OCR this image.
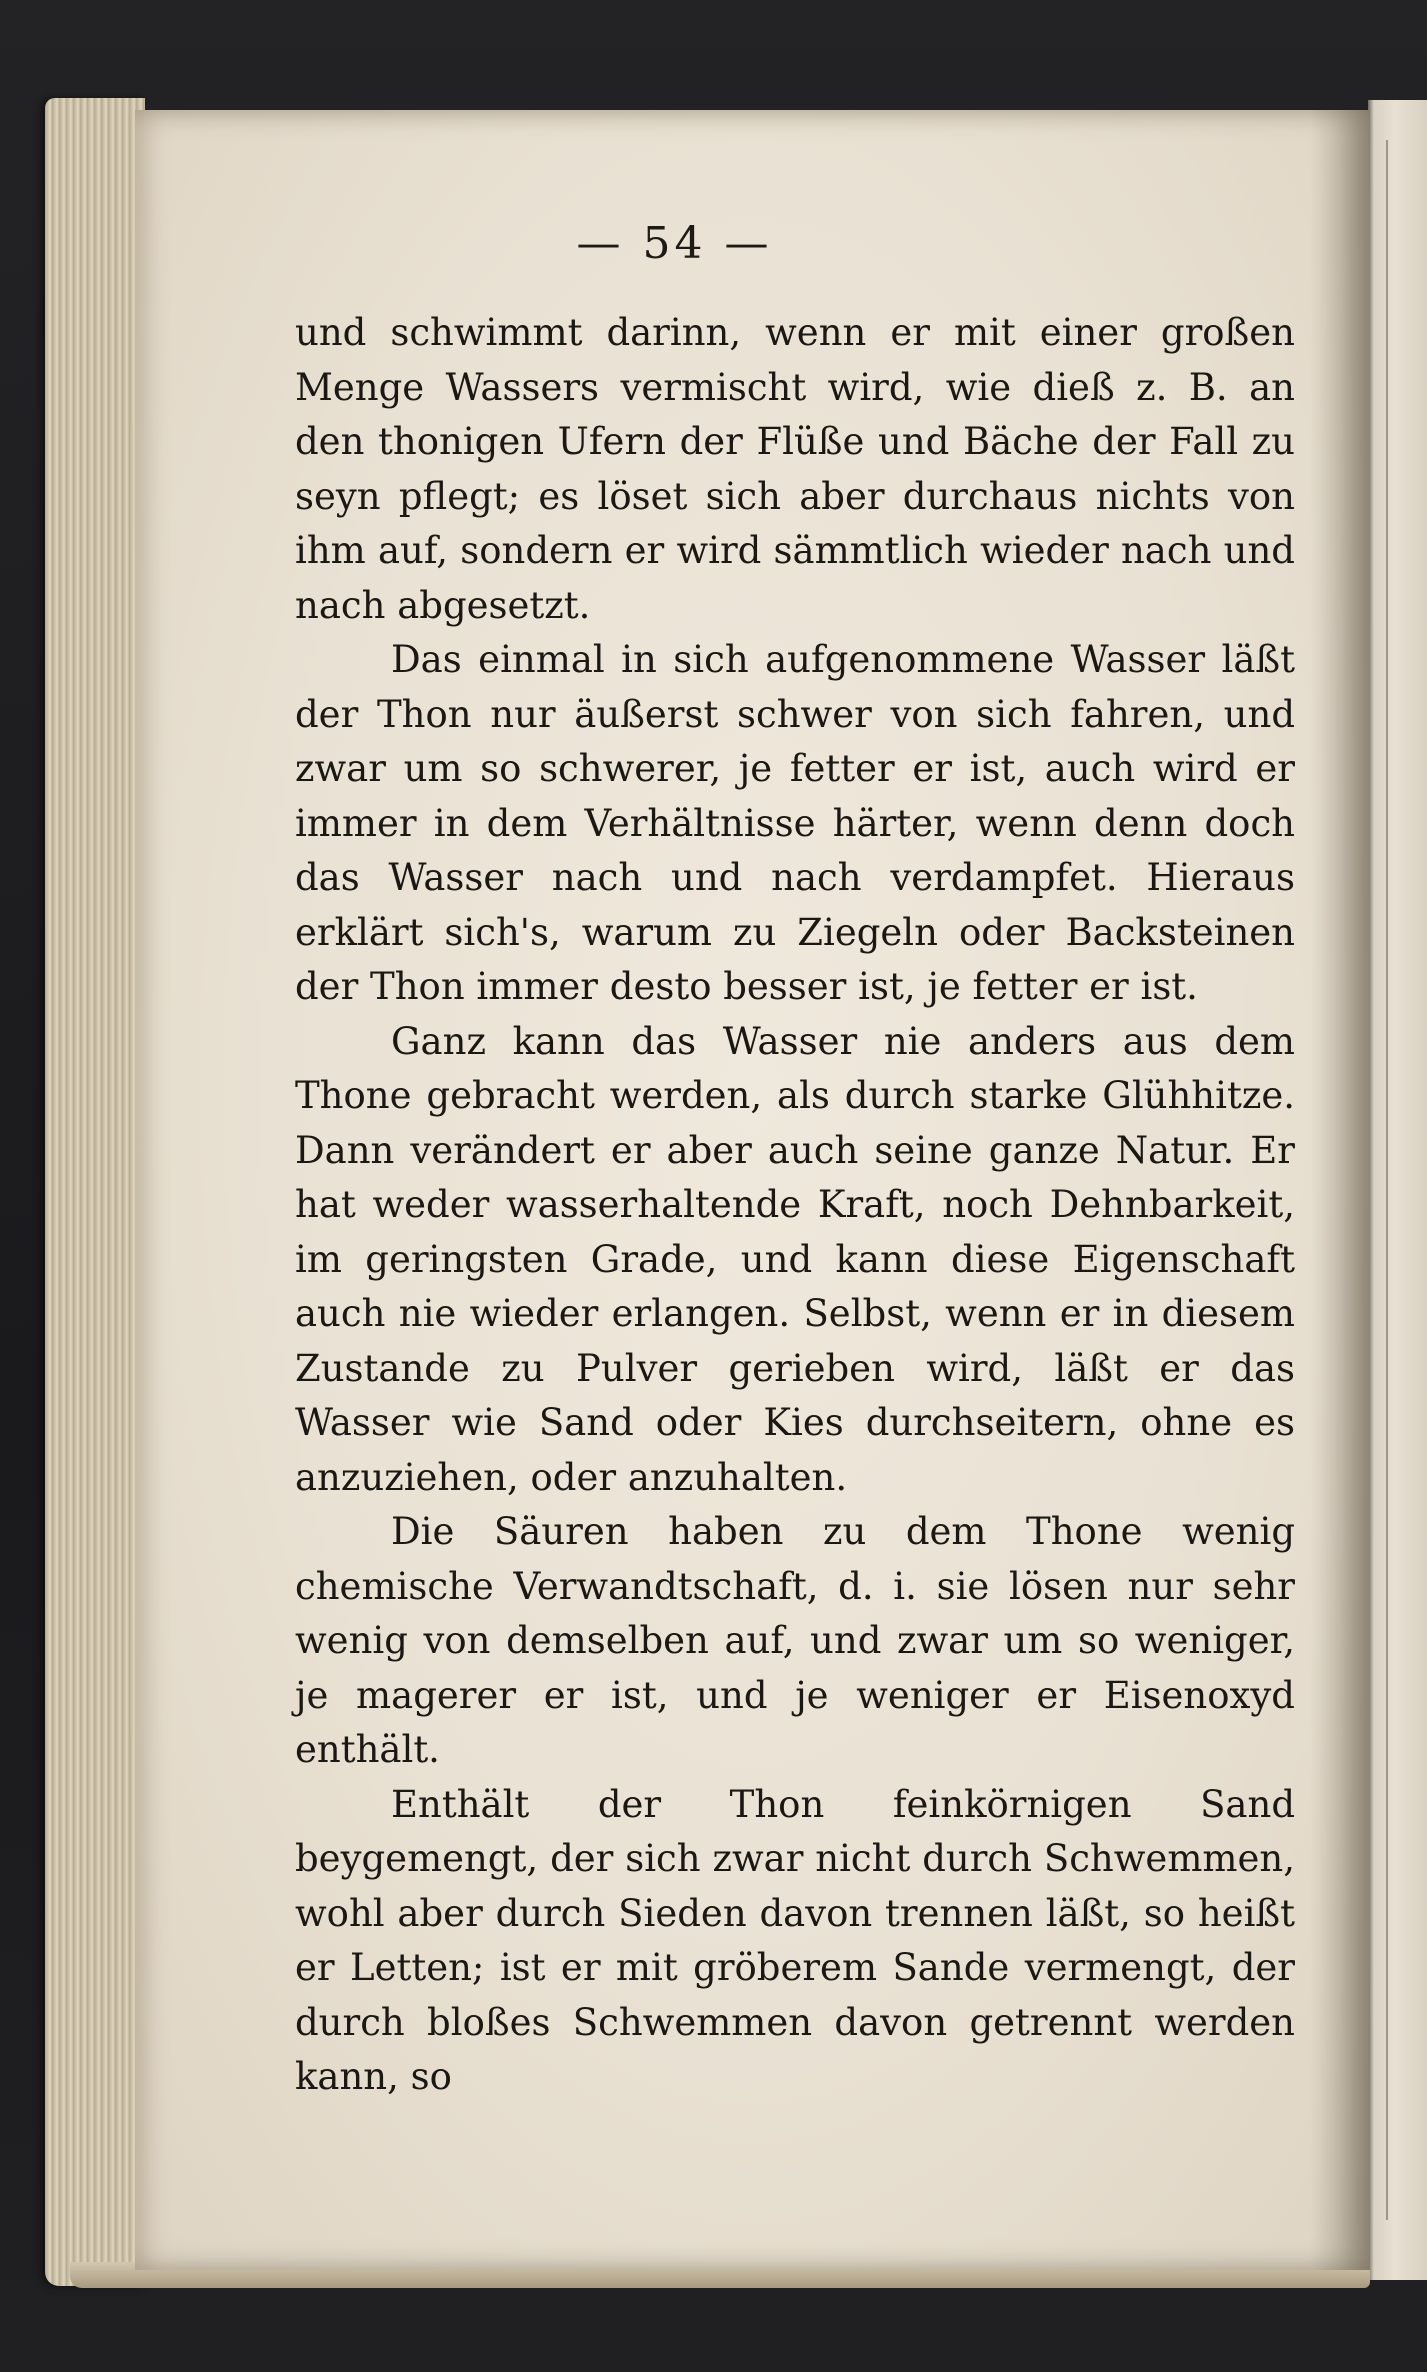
— 54 —

und schwimmt darinn, wenn er mit einer großen Menge Wassers vermischt wird, wie dieß z. B. an den thonigen Ufern der Flüße und Bäche der Fall zu seyn pflegt; es löset sich aber durchaus nichts von ihm auf, sondern er wird sämmtlich wieder nach und nach abgesetzt.

Das einmal in sich aufgenommene Wasser läßt der Thon nur äußerst schwer von sich fahren, und zwar um so schwerer, je fetter er ist, auch wird er immer in dem Verhältnisse härter, wenn denn doch das Wasser nach und nach verdampfet. Hieraus erklärt sich's, warum zu Ziegeln oder Backsteinen der Thon immer desto besser ist, je fetter er ist.

Ganz kann das Wasser nie anders aus dem Thone gebracht werden, als durch starke Glühhitze. Dann verändert er aber auch seine ganze Natur. Er hat weder wasserhaltende Kraft, noch Dehnbarkeit, im geringsten Grade, und kann diese Eigenschaft auch nie wieder erlangen. Selbst, wenn er in diesem Zustande zu Pulver gerieben wird, läßt er das Wasser wie Sand oder Kies durchseitern, ohne es anzuziehen, oder anzuhalten.

Die Säuren haben zu dem Thone wenig chemische Verwandtschaft, d. i. sie lösen nur sehr wenig von demselben auf, und zwar um so weniger, je magerer er ist, und je weniger er Eisenoxyd enthält.

Enthält der Thon feinkörnigen Sand beygemengt, der sich zwar nicht durch Schwemmen, wohl aber durch Sieden davon trennen läßt, so heißt er Letten; ist er mit gröberem Sande vermengt, der durch bloßes Schwemmen davon getrennt werden kann, so
